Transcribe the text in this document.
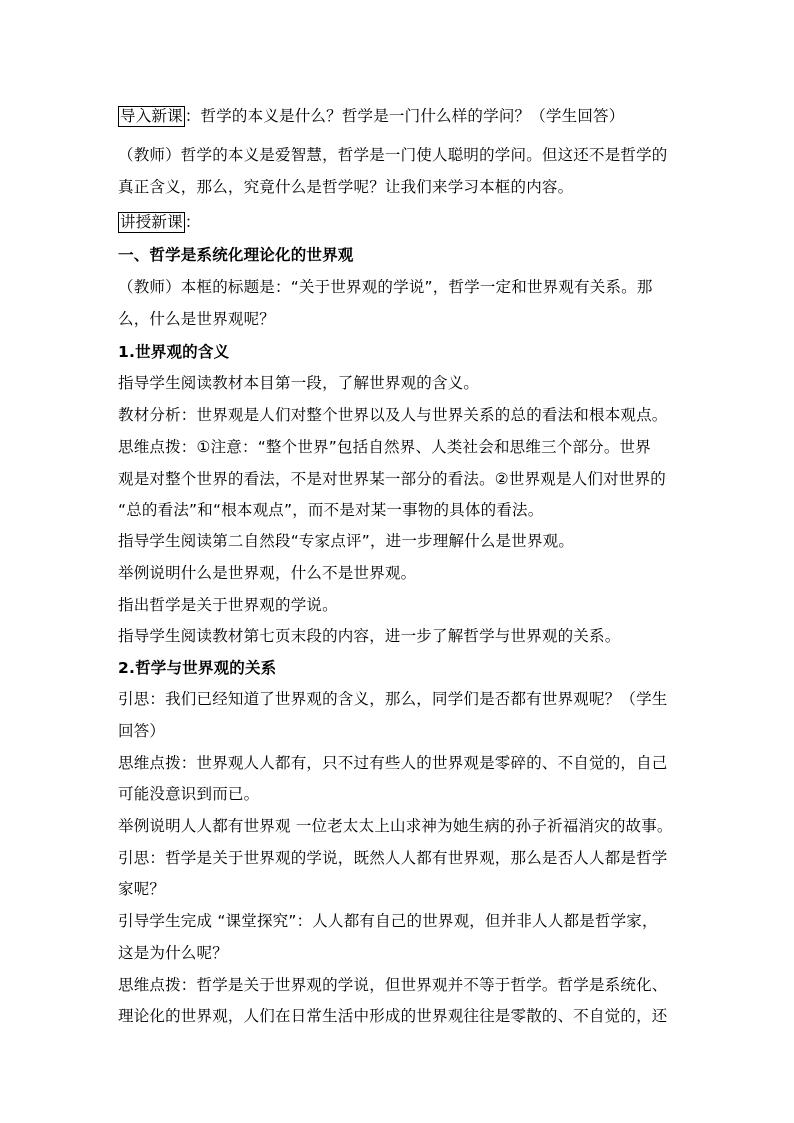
导入新课 ：哲学的本义是什么？哲学是一门什么样的学问？（学生回答）
（教师）哲学的本义是爱智慧，哲学是一门使人聪明的学问。但这还不是哲学的
真正含义，那么，究竟什么是哲学呢？让我们来学习本框的内容。
讲授新课 ：
一、哲学是系统化理论化的世界观
（教师）本框的标题是：“关于世界观的学说”，哲学一定和世界观有关系。那
么，什么是世界观呢？
1.世界观的含义
指导学生阅读教材本目第一段，了解世界观的含义。
教材分析：世界观是人们对整个世界以及人与世界关系的总的看法和根本观点。
思维点拨：①注意：“整个世界”包括自然界、人类社会和思维三个部分。世界
观是对整个世界的看法，不是对世界某一部分的看法。②世界观是人们对世界的
“总的看法”和“根本观点”，而不是对某一事物的具体的看法。
指导学生阅读第二自然段“专家点评”，进一步理解什么是世界观。
举例说明什么是世界观，什么不是世界观。
指出哲学是关于世界观的学说。
指导学生阅读教材第七页末段的内容，进一步了解哲学与世界观的关系。
2.哲学与世界观的关系
引思：我们已经知道了世界观的含义，那么，同学们是否都有世界观呢？（学生
回答）
思维点拨：世界观人人都有，只不过有些人的世界观是零碎的、不自觉的，自己
可能没意识到而已。
举例说明人人都有世界观 一位老太太上山求神为她生病的孙子祈福消灾的故事。
引思：哲学是关于世界观的学说，既然人人都有世界观，那么是否人人都是哲学
家呢？
引导学生完成 “课堂探究”：人人都有自己的世界观，但并非人人都是哲学家，
这是为什么呢？
思维点拨：哲学是关于世界观的学说，但世界观并不等于哲学。哲学是系统化、
理论化的世界观，人们在日常生活中形成的世界观往往是零散的、不自觉的，还
